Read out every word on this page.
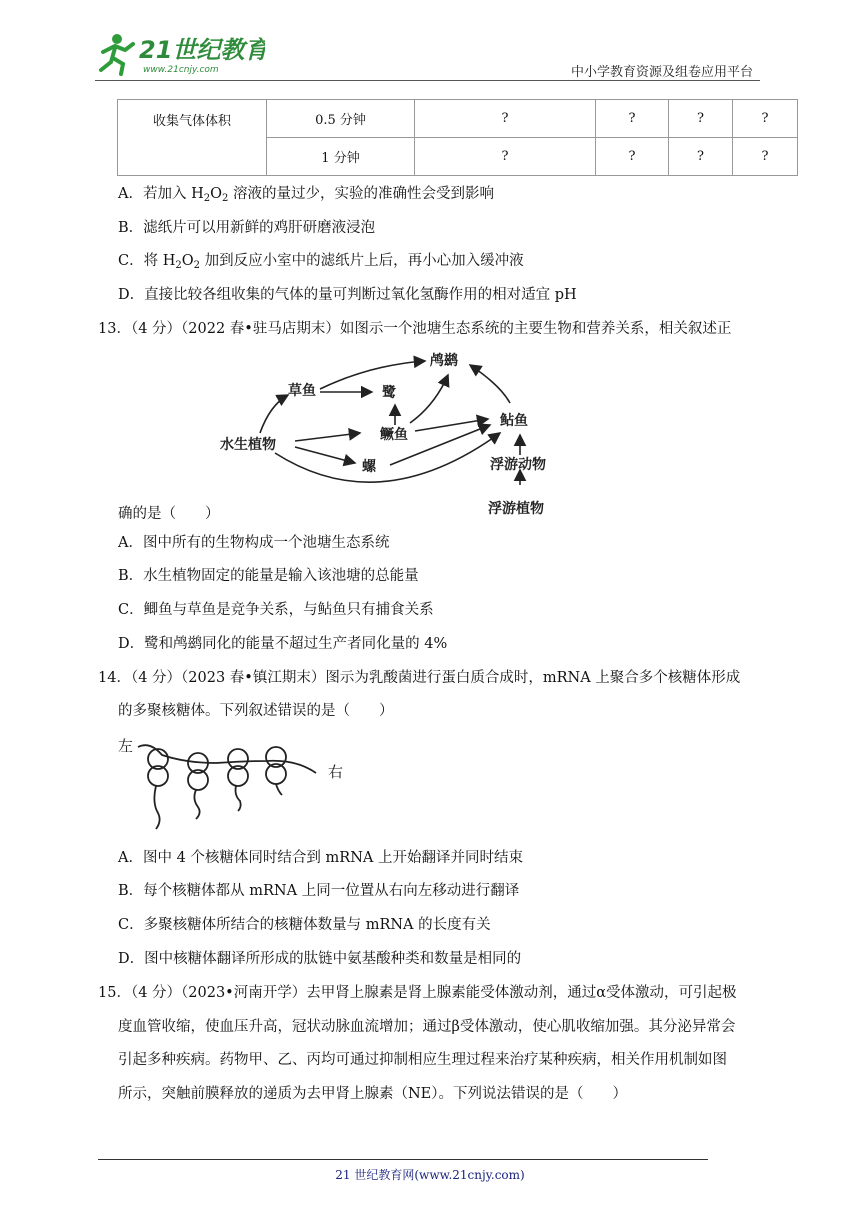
21世纪教育
www.21cnjy.com	中小学教育资源及组卷应用平台
收集气体体积	0.5 分钟	?	?	?	?
	1 分钟	?	?	?	?
A．若加入 $H_2O_2$ 溶液的量过少，实验的准确性会受到影响
B．滤纸片可以用新鲜的鸡肝研磨液浸泡
C．将 $H_2O_2$ 加到反应小室中的滤纸片上后，再小心加入缓冲液
D．直接比较各组收集的气体的量可判断过氧化氢酶作用的相对适宜 pH
13．（4 分）（2022 春•驻马店期末）如图示一个池塘生态系统的主要生物和营养关系，相关叙述正
鸬鹚
草鱼	鹭
鳜鱼
鲇鱼
水生植物
螺	浮游动物
浮游植物
确的是（　　）
A．图中所有的生物构成一个池塘生态系统
B．水生植物固定的能量是输入该池塘的总能量
C．鲫鱼与草鱼是竞争关系，与鲇鱼只有捕食关系
D．鹭和鸬鹚同化的能量不超过生产者同化量的 4%
14．（4 分）（2023 春•镇江期末）图示为乳酸菌进行蛋白质合成时，mRNA 上聚合多个核糖体形成
的多聚核糖体。下列叙述错误的是（　　）
左
右
A．图中 4 个核糖体同时结合到 mRNA 上开始翻译并同时结束
B．每个核糖体都从 mRNA 上同一位置从右向左移动进行翻译
C．多聚核糖体所结合的核糖体数量与 mRNA 的长度有关
D．图中核糖体翻译所形成的肽链中氨基酸种类和数量是相同的
15．（4 分）（2023•河南开学）去甲肾上腺素是肾上腺素能受体激动剂，通过α受体激动，可引起极
度血管收缩，使血压升高，冠状动脉血流增加；通过β受体激动，使心肌收缩加强。其分泌异常会
引起多种疾病。药物甲、乙、丙均可通过抑制相应生理过程来治疗某种疾病，相关作用机制如图
所示，突触前膜释放的递质为去甲肾上腺素（NE）。下列说法错误的是（　　）
21 世纪教育网(www.21cnjy.com)
